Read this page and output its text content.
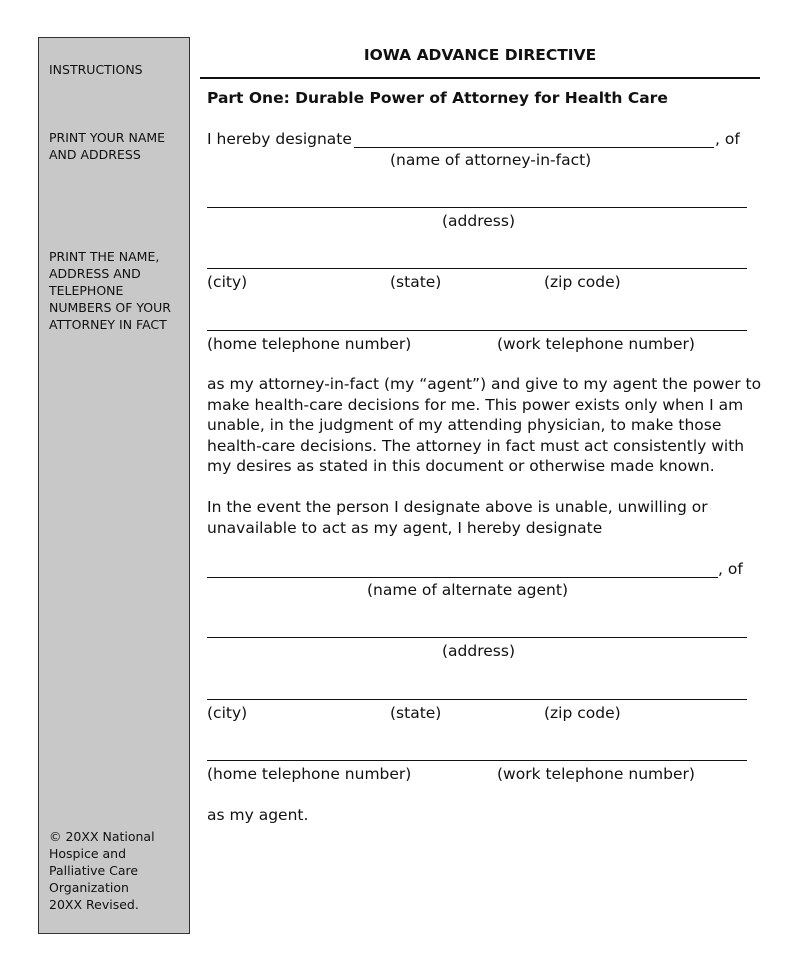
INSTRUCTIONS
PRINT YOUR NAME
AND ADDRESS
PRINT THE NAME,
ADDRESS AND
TELEPHONE
NUMBERS OF YOUR
ATTORNEY IN FACT
© 20XX National
Hospice and
Palliative Care
Organization
20XX Revised.
IOWA ADVANCE DIRECTIVE
Part One: Durable Power of Attorney for Health Care
I hereby designate	, of
(name of attorney-in-fact)
(address)
(city)	(state)	(zip code)
(home telephone number)	(work telephone number)
as my attorney-in-fact (my “agent”) and give to my agent the power to
make health-care decisions for me. This power exists only when I am
unable, in the judgment of my attending physician, to make those
health-care decisions. The attorney in fact must act consistently with
my desires as stated in this document or otherwise made known.
In the event the person I designate above is unable, unwilling or
unavailable to act as my agent, I hereby designate
, of
(name of alternate agent)
(address)
(city)	(state)	(zip code)
(home telephone number)	(work telephone number)
as my agent.
